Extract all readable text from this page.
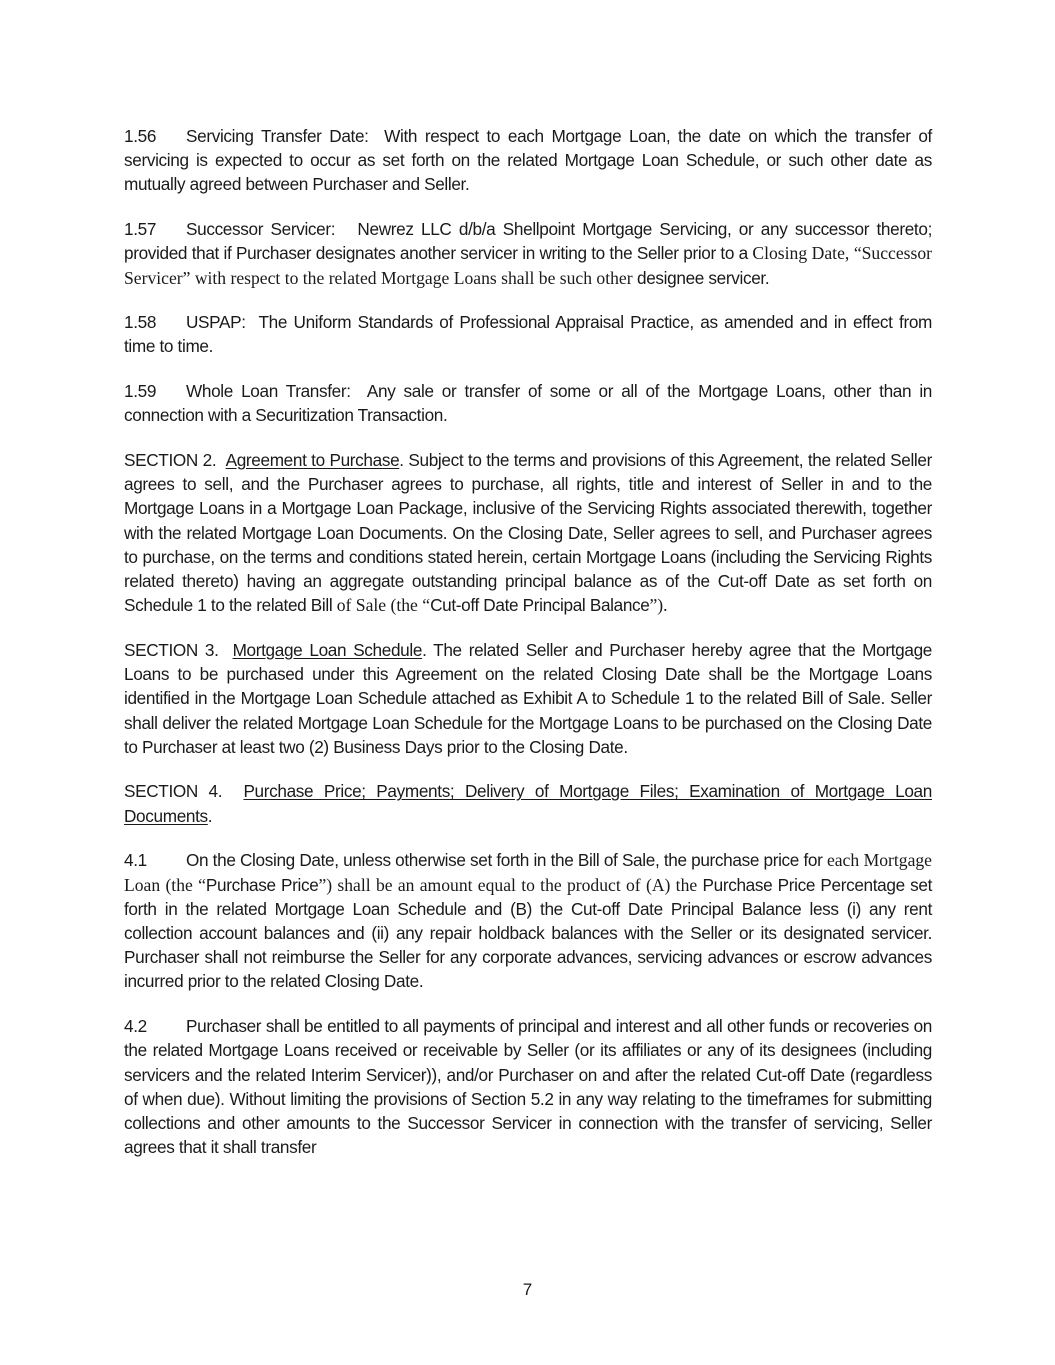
1.56 Servicing Transfer Date: With respect to each Mortgage Loan, the date on which the transfer of servicing is expected to occur as set forth on the related Mortgage Loan Schedule, or such other date as mutually agreed between Purchaser and Seller.

1.57 Successor Servicer: Newrez LLC d/b/a Shellpoint Mortgage Servicing, or any successor thereto; provided that if Purchaser designates another servicer in writing to the Seller prior to a Closing Date, “Successor Servicer” with respect to the related Mortgage Loans shall be such other designee servicer.

1.58 USPAP: The Uniform Standards of Professional Appraisal Practice, as amended and in effect from time to time.

1.59 Whole Loan Transfer: Any sale or transfer of some or all of the Mortgage Loans, other than in connection with a Securitization Transaction.

SECTION 2. Agreement to Purchase. Subject to the terms and provisions of this Agreement, the related Seller agrees to sell, and the Purchaser agrees to purchase, all rights, title and interest of Seller in and to the Mortgage Loans in a Mortgage Loan Package, inclusive of the Servicing Rights associated therewith, together with the related Mortgage Loan Documents. On the Closing Date, Seller agrees to sell, and Purchaser agrees to purchase, on the terms and conditions stated herein, certain Mortgage Loans (including the Servicing Rights related thereto) having an aggregate outstanding principal balance as of the Cut-off Date as set forth on Schedule 1 to the related Bill of Sale (the “Cut-off Date Principal Balance”).

SECTION 3. Mortgage Loan Schedule. The related Seller and Purchaser hereby agree that the Mortgage Loans to be purchased under this Agreement on the related Closing Date shall be the Mortgage Loans identified in the Mortgage Loan Schedule attached as Exhibit A to Schedule 1 to the related Bill of Sale. Seller shall deliver the related Mortgage Loan Schedule for the Mortgage Loans to be purchased on the Closing Date to Purchaser at least two (2) Business Days prior to the Closing Date.

SECTION 4. Purchase Price; Payments; Delivery of Mortgage Files; Examination of Mortgage Loan Documents.

4.1 On the Closing Date, unless otherwise set forth in the Bill of Sale, the purchase price for each Mortgage Loan (the “Purchase Price”) shall be an amount equal to the product of (A) the Purchase Price Percentage set forth in the related Mortgage Loan Schedule and (B) the Cut-off Date Principal Balance less (i) any rent collection account balances and (ii) any repair holdback balances with the Seller or its designated servicer. Purchaser shall not reimburse the Seller for any corporate advances, servicing advances or escrow advances incurred prior to the related Closing Date.

4.2 Purchaser shall be entitled to all payments of principal and interest and all other funds or recoveries on the related Mortgage Loans received or receivable by Seller (or its affiliates or any of its designees (including servicers and the related Interim Servicer)), and/or Purchaser on and after the related Cut-off Date (regardless of when due). Without limiting the provisions of Section 5.2 in any way relating to the timeframes for submitting collections and other amounts to the Successor Servicer in connection with the transfer of servicing, Seller agrees that it shall transfer

7
